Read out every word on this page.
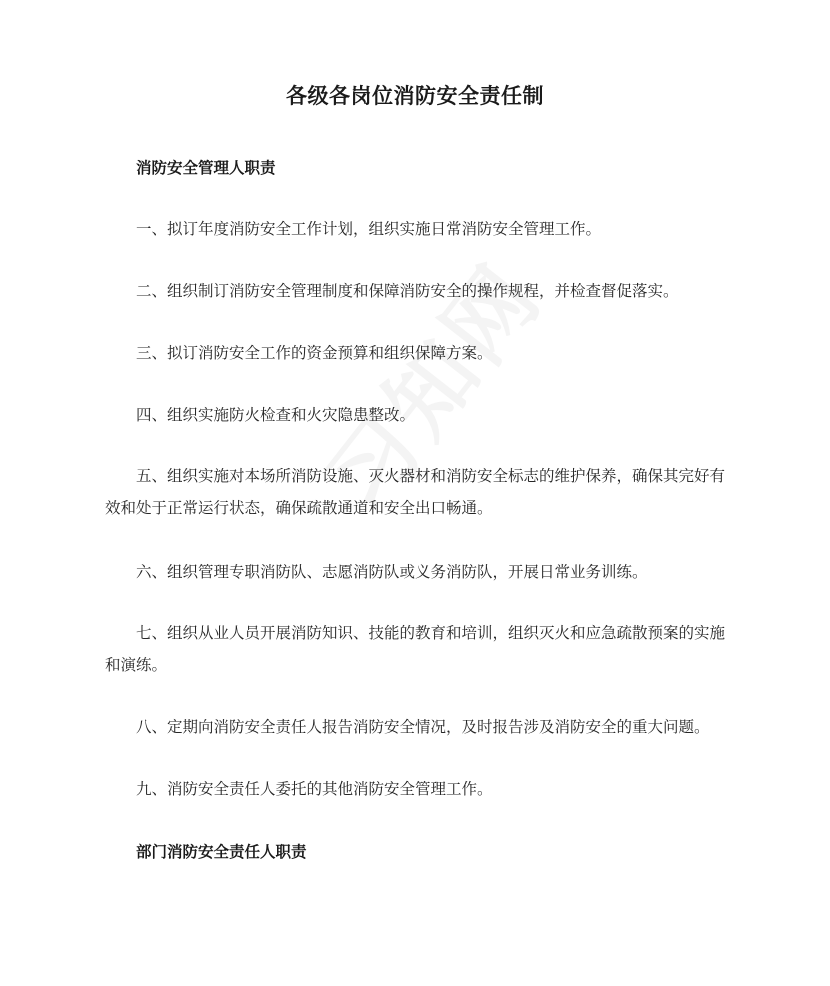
各级各岗位消防安全责任制
消防安全管理人职责
一、拟订年度消防安全工作计划，组织实施日常消防安全管理工作。
二、组织制订消防安全管理制度和保障消防安全的操作规程，并检查督促落实。
三、拟订消防安全工作的资金预算和组织保障方案。
四、组织实施防火检查和火灾隐患整改。
五、组织实施对本场所消防设施、灭火器材和消防安全标志的维护保养，确保其完好有效和处于正常运行状态，确保疏散通道和安全出口畅通。
六、组织管理专职消防队、志愿消防队或义务消防队，开展日常业务训练。
七、组织从业人员开展消防知识、技能的教育和培训，组织灭火和应急疏散预案的实施和演练。
八、定期向消防安全责任人报告消防安全情况，及时报告涉及消防安全的重大问题。
九、消防安全责任人委托的其他消防安全管理工作。
部门消防安全责任人职责
